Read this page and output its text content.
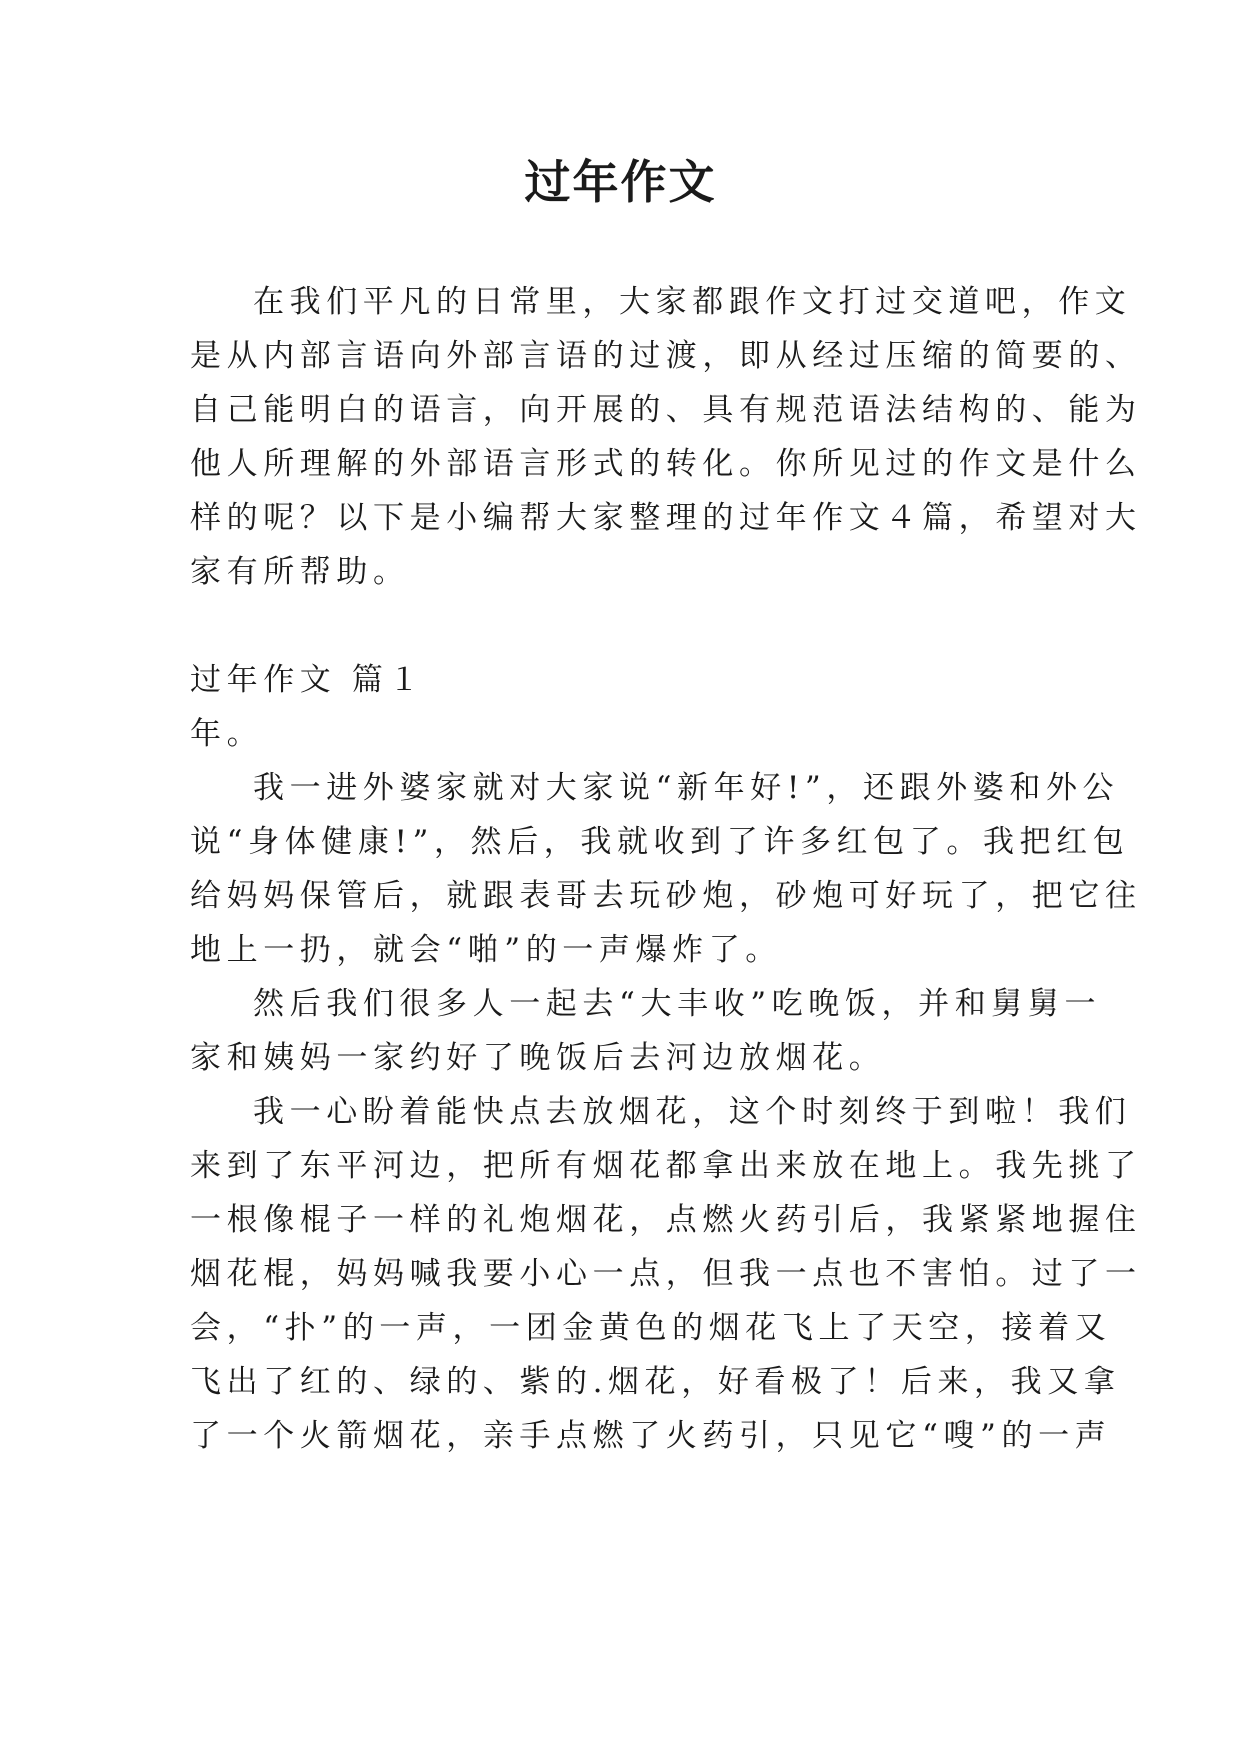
过年作文

在我们平凡的日常里，大家都跟作文打过交道吧，作文

是从内部言语向外部言语的过渡，即从经过压缩的简要的、

自己能明白的语言，向开展的、具有规范语法结构的、能为

他人所理解的外部语言形式的转化。你所见过的作文是什么

样的呢？以下是小编帮大家整理的过年作文４篇，希望对大

家有所帮助。

过年作文 篇１

年。

我一进外婆家就对大家说“新年好!”，还跟外婆和外公

说“身体健康!”，然后，我就收到了许多红包了。我把红包

给妈妈保管后，就跟表哥去玩砂炮，砂炮可好玩了，把它往

地上一扔，就会“啪”的一声爆炸了。

然后我们很多人一起去“大丰收”吃晚饭，并和舅舅一

家和姨妈一家约好了晚饭后去河边放烟花。

我一心盼着能快点去放烟花，这个时刻终于到啦！我们

来到了东平河边，把所有烟花都拿出来放在地上。我先挑了

一根像棍子一样的礼炮烟花，点燃火药引后，我紧紧地握住

烟花棍，妈妈喊我要小心一点，但我一点也不害怕。过了一

会，“扑”的一声，一团金黄色的烟花飞上了天空，接着又

飞出了红的、绿的、紫的.烟花，好看极了！后来，我又拿

了一个火箭烟花，亲手点燃了火药引，只见它“嗖”的一声
